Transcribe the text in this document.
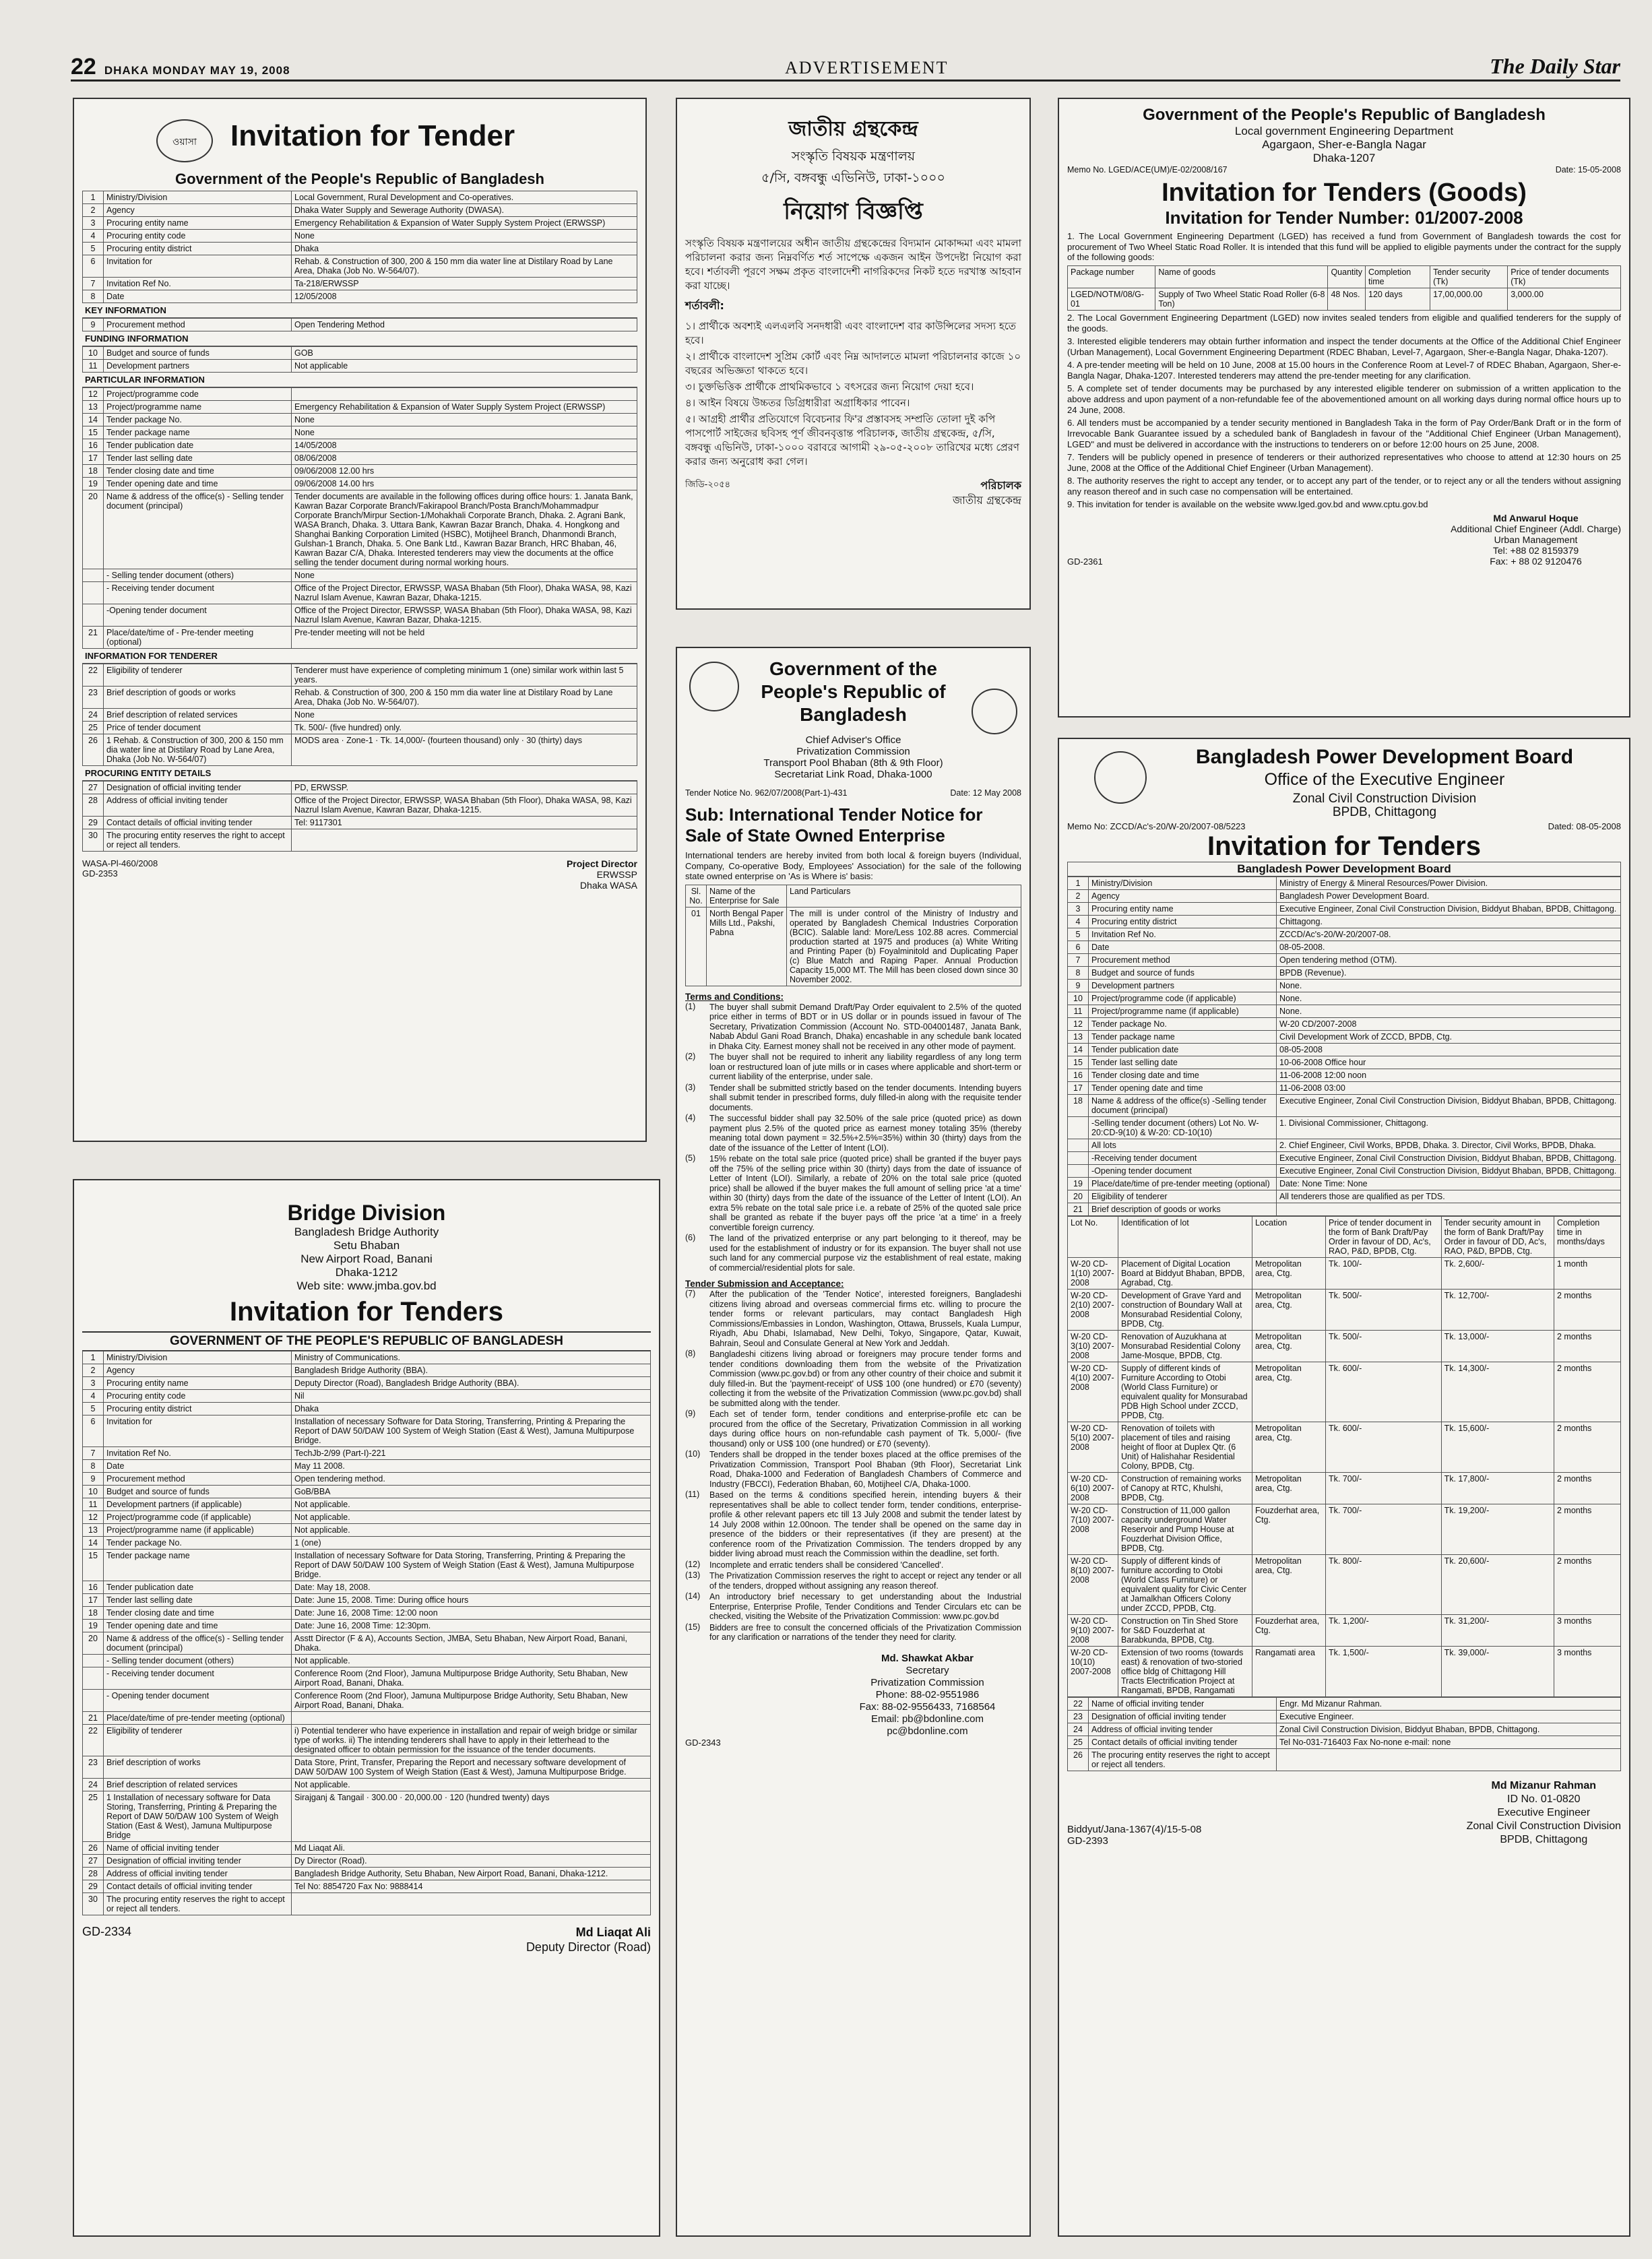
22 DHAKA MONDAY MAY 19, 2008	ADVERTISEMENT	The Daily Star
ওয়াসা	Invitation for Tender
Government of the People's Republic of Bangladesh
1	Ministry/Division	Local Government, Rural Development and Co-operatives.
2	Agency	Dhaka Water Supply and Sewerage Authority (DWASA).
3	Procuring entity name	Emergency Rehabilitation & Expansion of Water Supply System Project (ERWSSP)
4	Procuring entity code	None
5	Procuring entity district	Dhaka
6	Invitation for	Rehab. & Construction of 300, 200 & 150 mm dia water line at Distilary Road by Lane Area, Dhaka (Job No. W-564/07).
7	Invitation Ref No.	Ta-218/ERWSSP
8	Date	12/05/2008
KEY INFORMATION
9	Procurement method	Open Tendering Method
FUNDING INFORMATION
10	Budget and source of funds	GOB
11	Development partners	Not applicable
PARTICULAR INFORMATION
12	Project/programme code	
13	Project/programme name	Emergency Rehabilitation & Expansion of Water Supply System Project (ERWSSP)
14	Tender package No.	None
15	Tender package name	None
16	Tender publication date	14/05/2008
17	Tender last selling date	08/06/2008
18	Tender closing date and time	09/06/2008 12.00 hrs
19	Tender opening date and time	09/06/2008 14.00 hrs
20	Name & address of the office(s) - Selling tender document (principal)	Tender documents are available in the following offices during office hours: 1. Janata Bank, Kawran Bazar Corporate Branch/Fakirapool Branch/Posta Branch/Mohammadpur Corporate Branch/Mirpur Section-1/Mohakhali Corporate Branch, Dhaka. 2. Agrani Bank, WASA Branch, Dhaka. 3. Uttara Bank, Kawran Bazar Branch, Dhaka. 4. Hongkong and Shanghai Banking Corporation Limited (HSBC), Motijheel Branch, Dhanmondi Branch, Gulshan-1 Branch, Dhaka. 5. One Bank Ltd., Kawran Bazar Branch, HRC Bhaban, 46, Kawran Bazar C/A, Dhaka. Interested tenderers may view the documents at the office selling the tender document during normal working hours.
	- Selling tender document (others)	None
	- Receiving tender document	Office of the Project Director, ERWSSP, WASA Bhaban (5th Floor), Dhaka WASA, 98, Kazi Nazrul Islam Avenue, Kawran Bazar, Dhaka-1215.
	-Opening tender document	Office of the Project Director, ERWSSP, WASA Bhaban (5th Floor), Dhaka WASA, 98, Kazi Nazrul Islam Avenue, Kawran Bazar, Dhaka-1215.
21	Place/date/time of - Pre-tender meeting (optional)	Pre-tender meeting will not be held
INFORMATION FOR TENDERER
22	Eligibility of tenderer	Tenderer must have experience of completing minimum 1 (one) similar work within last 5 years.
23	Brief description of goods or works	Rehab. & Construction of 300, 200 & 150 mm dia water line at Distilary Road by Lane Area, Dhaka (Job No. W-564/07).
24	Brief description of related services	None
25	Price of tender document	Tk. 500/- (five hundred) only.
26	1 Rehab. & Construction of 300, 200 & 150 mm dia water line at Distilary Road by Lane Area, Dhaka (Job No. W-564/07)	MODS area · Zone-1 · Tk. 14,000/- (fourteen thousand) only · 30 (thirty) days
PROCURING ENTITY DETAILS
27	Designation of official inviting tender	PD, ERWSSP.
28	Address of official inviting tender	Office of the Project Director, ERWSSP, WASA Bhaban (5th Floor), Dhaka WASA, 98, Kazi Nazrul Islam Avenue, Kawran Bazar, Dhaka-1215.
29	Contact details of official inviting tender	Tel: 9117301
30	The procuring entity reserves the right to accept or reject all tenders.	
WASA-Pl-460/2008
GD-2353
Project Director
ERWSSP
Dhaka WASA
Bridge Division
Bangladesh Bridge Authority
Setu Bhaban
New Airport Road, Banani
Dhaka-1212
Web site: www.jmba.gov.bd
Invitation for Tenders
GOVERNMENT OF THE PEOPLE'S REPUBLIC OF BANGLADESH
1	Ministry/Division	Ministry of Communications.
2	Agency	Bangladesh Bridge Authority (BBA).
3	Procuring entity name	Deputy Director (Road), Bangladesh Bridge Authority (BBA).
4	Procuring entity code	Nil
5	Procuring entity district	Dhaka
6	Invitation for	Installation of necessary Software for Data Storing, Transferring, Printing & Preparing the Report of DAW 50/DAW 100 System of Weigh Station (East & West), Jamuna Multipurpose Bridge.
7	Invitation Ref No.	TechJb-2/99 (Part-I)-221
8	Date	May 11 2008.
9	Procurement method	Open tendering method.
10	Budget and source of funds	GoB/BBA
11	Development partners (if applicable)	Not applicable.
12	Project/programme code (if applicable)	Not applicable.
13	Project/programme name (if applicable)	Not applicable.
14	Tender package No.	1 (one)
15	Tender package name	Installation of necessary Software for Data Storing, Transferring, Printing & Preparing the Report of DAW 50/DAW 100 System of Weigh Station (East & West), Jamuna Multipurpose Bridge.
16	Tender publication date	Date: May 18, 2008.
17	Tender last selling date	Date: June 15, 2008. Time: During office hours
18	Tender closing date and time	Date: June 16, 2008 Time: 12:00 noon
19	Tender opening date and time	Date: June 16, 2008 Time: 12:30pm.
20	Name & address of the office(s) - Selling tender document (principal)	Asstt Director (F & A), Accounts Section, JMBA, Setu Bhaban, New Airport Road, Banani, Dhaka.
	- Selling tender document (others)	Not applicable.
	- Receiving tender document	Conference Room (2nd Floor), Jamuna Multipurpose Bridge Authority, Setu Bhaban, New Airport Road, Banani, Dhaka.
	- Opening tender document	Conference Room (2nd Floor), Jamuna Multipurpose Bridge Authority, Setu Bhaban, New Airport Road, Banani, Dhaka.
21	Place/date/time of pre-tender meeting (optional)	
22	Eligibility of tenderer	i) Potential tenderer who have experience in installation and repair of weigh bridge or similar type of works. ii) The intending tenderers shall have to apply in their letterhead to the designated officer to obtain permission for the issuance of the tender documents.
23	Brief description of works	Data Store, Print, Transfer, Preparing the Report and necessary software development of DAW 50/DAW 100 System of Weigh Station (East & West), Jamuna Multipurpose Bridge.
24	Brief description of related services	Not applicable.
25	1 Installation of necessary software for Data Storing, Transferring, Printing & Preparing the Report of DAW 50/DAW 100 System of Weigh Station (East & West), Jamuna Multipurpose Bridge	Sirajganj & Tangail · 300.00 · 20,000.00 · 120 (hundred twenty) days
26	Name of official inviting tender	Md Liaqat Ali.
27	Designation of official inviting tender	Dy Director (Road).
28	Address of official inviting tender	Bangladesh Bridge Authority, Setu Bhaban, New Airport Road, Banani, Dhaka-1212.
29	Contact details of official inviting tender	Tel No: 8854720 Fax No: 9888414
30	The procuring entity reserves the right to accept or reject all tenders.	
GD-2334	Md Liaqat Ali
Deputy Director (Road)
জাতীয় গ্রন্থকেন্দ্র
সংস্কৃতি বিষয়ক মন্ত্রণালয়
৫/সি, বঙ্গবন্ধু এভিনিউ, ঢাকা-১০০০
নিয়োগ বিজ্ঞপ্তি
সংস্কৃতি বিষয়ক মন্ত্রণালয়ের অধীন জাতীয় গ্রন্থকেন্দ্রের বিদ্যমান মোকাদ্দমা এবং মামলা পরিচালনা করার জন্য নিম্নবর্ণিত শর্ত সাপেক্ষে একজন আইন উপদেষ্টা নিয়োগ করা হবে। শর্তাবলী পূরণে সক্ষম প্রকৃত বাংলাদেশী নাগরিকদের নিকট হতে দরখাস্ত আহবান করা যাচ্ছে।
শর্তাবলী:
১। প্রার্থীকে অবশ্যই এলএলবি সনদধারী এবং বাংলাদেশ বার কাউন্সিলের সদস্য হতে হবে।
২। প্রার্থীকে বাংলাদেশ সুপ্রিম কোর্ট এবং নিম্ন আদালতে মামলা পরিচালনার কাজে ১০ বছরের অভিজ্ঞতা থাকতে হবে।
৩। চুক্তভিত্তিক প্রার্থীকে প্রাথমিকভাবে ১ বৎসরের জন্য নিয়োগ দেয়া হবে।
৪। আইন বিষয়ে উচ্চতর ডিগ্রিধারীরা অগ্রাধিকার পাবেন।
৫। আগ্রহী প্রার্থীর প্রতিযোগে বিবেচনার ফি'র প্রস্তাবসহ সম্প্রতি তোলা দুই কপি পাসপোর্ট সাইজের ছবিসহ পূর্ণ জীবনবৃত্তান্ত পরিচালক, জাতীয় গ্রন্থকেন্দ্র, ৫/সি, বঙ্গবন্ধু এভিনিউ, ঢাকা-১০০০ বরাবরে আগামী ২৯-০৫-২০০৮ তারিখের মধ্যে প্রেরণ করার জন্য অনুরোধ করা গেল।
জিডি-২০৫৪	পরিচালক
জাতীয় গ্রন্থকেন্দ্র
Government of the People's Republic of Bangladesh
Chief Adviser's Office
Privatization Commission
Transport Pool Bhaban (8th & 9th Floor)
Secretariat Link Road, Dhaka-1000
Tender Notice No. 962/07/2008(Part-1)-431	Date: 12 May 2008
Sub: International Tender Notice for Sale of State Owned Enterprise
International tenders are hereby invited from both local & foreign buyers (Individual, Company, Co-operative Body, Employees' Association) for the sale of the following state owned enterprise on 'As is Where is' basis:
Sl. No.	Name of the Enterprise for Sale	Land Particulars
01	North Bengal Paper Mills Ltd., Pakshi, Pabna	The mill is under control of the Ministry of Industry and operated by Bangladesh Chemical Industries Corporation (BCIC). Salable land: More/Less 102.88 acres. Commercial production started at 1975 and produces (a) White Writing and Printing Paper (b) Foyalminitold and Duplicating Paper (c) Blue Match and Raping Paper. Annual Production Capacity 15,000 MT. The Mill has been closed down since 30 November 2002.
Terms and Conditions:
(1)	The buyer shall submit Demand Draft/Pay Order equivalent to 2.5% of the quoted price either in terms of BDT or in US dollar or in pounds issued in favour of The Secretary, Privatization Commission (Account No. STD-004001487, Janata Bank, Nabab Abdul Gani Road Branch, Dhaka) encashable in any schedule bank located in Dhaka City. Earnest money shall not be received in any other mode of payment.
(2)	The buyer shall not be required to inherit any liability regardless of any long term loan or restructured loan of jute mills or in cases where applicable and short-term or current liability of the enterprise, under sale.
(3)	Tender shall be submitted strictly based on the tender documents. Intending buyers shall submit tender in prescribed forms, duly filled-in along with the requisite tender documents.
(4)	The successful bidder shall pay 32.50% of the sale price (quoted price) as down payment plus 2.5% of the quoted price as earnest money totaling 35% (thereby meaning total down payment = 32.5%+2.5%=35%) within 30 (thirty) days from the date of the issuance of the Letter of Intent (LOI).
(5)	15% rebate on the total sale price (quoted price) shall be granted if the buyer pays off the 75% of the selling price within 30 (thirty) days from the date of issuance of Letter of Intent (LOI). Similarly, a rebate of 20% on the total sale price (quoted price) shall be allowed if the buyer makes the full amount of selling price 'at a time' within 30 (thirty) days from the date of the issuance of the Letter of Intent (LOI). An extra 5% rebate on the total sale price i.e. a rebate of 25% of the quoted sale price shall be granted as rebate if the buyer pays off the price 'at a time' in a freely convertible foreign currency.
(6)	The land of the privatized enterprise or any part belonging to it thereof, may be used for the establishment of industry or for its expansion. The buyer shall not use such land for any commercial purpose viz the establishment of real estate, making of commercial/residential plots for sale.
Tender Submission and Acceptance:
(7)	After the publication of the 'Tender Notice', interested foreigners, Bangladeshi citizens living abroad and overseas commercial firms etc. willing to procure the tender forms or relevant particulars, may contact Bangladesh High Commissions/Embassies in London, Washington, Ottawa, Brussels, Kuala Lumpur, Riyadh, Abu Dhabi, Islamabad, New Delhi, Tokyo, Singapore, Qatar, Kuwait, Bahrain, Seoul and Consulate General at New York and Jeddah.
(8)	Bangladeshi citizens living abroad or foreigners may procure tender forms and tender conditions downloading them from the website of the Privatization Commission (www.pc.gov.bd) or from any other country of their choice and submit it duly filled-in. But the 'payment-receipt' of US$ 100 (one hundred) or £70 (seventy) collecting it from the website of the Privatization Commission (www.pc.gov.bd) shall be submitted along with the tender.
(9)	Each set of tender form, tender conditions and enterprise-profile etc can be procured from the office of the Secretary, Privatization Commission in all working days during office hours on non-refundable cash payment of Tk. 5,000/- (five thousand) only or US$ 100 (one hundred) or £70 (seventy).
(10)	Tenders shall be dropped in the tender boxes placed at the office premises of the Privatization Commission, Transport Pool Bhaban (9th Floor), Secretariat Link Road, Dhaka-1000 and Federation of Bangladesh Chambers of Commerce and Industry (FBCCI), Federation Bhaban, 60, Motijheel C/A, Dhaka-1000.
(11)	Based on the terms & conditions specified herein, intending buyers & their representatives shall be able to collect tender form, tender conditions, enterprise-profile & other relevant papers etc till 13 July 2008 and submit the tender latest by 14 July 2008 within 12.00noon. The tender shall be opened on the same day in presence of the bidders or their representatives (if they are present) at the conference room of the Privatization Commission. The tenders dropped by any bidder living abroad must reach the Commission within the deadline, set forth.
(12)	Incomplete and erratic tenders shall be considered 'Cancelled'.
(13)	The Privatization Commission reserves the right to accept or reject any tender or all of the tenders, dropped without assigning any reason thereof.
(14)	An introductory brief necessary to get understanding about the Industrial Enterprise, Enterprise Profile, Tender Conditions and Tender Circulars etc can be checked, visiting the Website of the Privatization Commission: www.pc.gov.bd
(15)	Bidders are free to consult the concerned officials of the Privatization Commission for any clarification or narrations of the tender they need for clarity.
Md. Shawkat Akbar
Secretary
Privatization Commission
Phone: 88-02-9551986
Fax: 88-02-9556433, 7168564
Email: pb@bdonline.com
pc@bdonline.com
GD-2343
Government of the People's Republic of Bangladesh
Local government Engineering Department
Agargaon, Sher-e-Bangla Nagar
Dhaka-1207
Memo No. LGED/ACE(UM)/E-02/2008/167	Date: 15-05-2008
Invitation for Tenders (Goods)
Invitation for Tender Number: 01/2007-2008
1. The Local Government Engineering Department (LGED) has received a fund from Government of Bangladesh towards the cost for procurement of Two Wheel Static Road Roller. It is intended that this fund will be applied to eligible payments under the contract for the supply of the following goods:
Package number	Name of goods	Quantity	Completion time	Tender security (Tk)	Price of tender documents (Tk)
LGED/NOTM/08/G-01	Supply of Two Wheel Static Road Roller (6-8 Ton)	48 Nos.	120 days	17,00,000.00	3,000.00
2. The Local Government Engineering Department (LGED) now invites sealed tenders from eligible and qualified tenderers for the supply of the goods.
3. Interested eligible tenderers may obtain further information and inspect the tender documents at the Office of the Additional Chief Engineer (Urban Management), Local Government Engineering Department (RDEC Bhaban, Level-7, Agargaon, Sher-e-Bangla Nagar, Dhaka-1207).
4. A pre-tender meeting will be held on 10 June, 2008 at 15.00 hours in the Conference Room at Level-7 of RDEC Bhaban, Agargaon, Sher-e-Bangla Nagar, Dhaka-1207. Interested tenderers may attend the pre-tender meeting for any clarification.
5. A complete set of tender documents may be purchased by any interested eligible tenderer on submission of a written application to the above address and upon payment of a non-refundable fee of the abovementioned amount on all working days during normal office hours up to 24 June, 2008.
6. All tenders must be accompanied by a tender security mentioned in Bangladesh Taka in the form of Pay Order/Bank Draft or in the form of Irrevocable Bank Guarantee issued by a scheduled bank of Bangladesh in favour of the "Additional Chief Engineer (Urban Management), LGED" and must be delivered in accordance with the instructions to tenderers on or before 12:00 hours on 25 June, 2008.
7. Tenders will be publicly opened in presence of tenderers or their authorized representatives who choose to attend at 12:30 hours on 25 June, 2008 at the Office of the Additional Chief Engineer (Urban Management).
8. The authority reserves the right to accept any tender, or to accept any part of the tender, or to reject any or all the tenders without assigning any reason thereof and in such case no compensation will be entertained.
9. This invitation for tender is available on the website www.lged.gov.bd and www.cptu.gov.bd
GD-2361
Md Anwarul Hoque
Additional Chief Engineer (Addl. Charge)
Urban Management
Tel: +88 02 8159379
Fax: + 88 02 9120476
Bangladesh Power Development Board
Office of the Executive Engineer
Zonal Civil Construction Division
BPDB, Chittagong
Memo No: ZCCD/Ac's-20/W-20/2007-08/5223	Dated: 08-05-2008
Invitation for Tenders
Bangladesh Power Development Board
1	Ministry/Division	Ministry of Energy & Mineral Resources/Power Division.
2	Agency	Bangladesh Power Development Board.
3	Procuring entity name	Executive Engineer, Zonal Civil Construction Division, Biddyut Bhaban, BPDB, Chittagong.
4	Procuring entity district	Chittagong.
5	Invitation Ref No.	ZCCD/Ac's-20/W-20/2007-08.
6	Date	08-05-2008.
7	Procurement method	Open tendering method (OTM).
8	Budget and source of funds	BPDB (Revenue).
9	Development partners	None.
10	Project/programme code (if applicable)	None.
11	Project/programme name (if applicable)	None.
12	Tender package No.	W-20 CD/2007-2008
13	Tender package name	Civil Development Work of ZCCD, BPDB, Ctg.
14	Tender publication date	08-05-2008
15	Tender last selling date	10-06-2008 Office hour
16	Tender closing date and time	11-06-2008 12:00 noon
17	Tender opening date and time	11-06-2008 03:00
18	Name & address of the office(s) -Selling tender document (principal)	Executive Engineer, Zonal Civil Construction Division, Biddyut Bhaban, BPDB, Chittagong.
	-Selling tender document (others) Lot No. W-20:CD-9(10) & W-20: CD-10(10)	1. Divisional Commissioner, Chittagong.
	All lots	2. Chief Engineer, Civil Works, BPDB, Dhaka. 3. Director, Civil Works, BPDB, Dhaka.
	-Receiving tender document	Executive Engineer, Zonal Civil Construction Division, Biddyut Bhaban, BPDB, Chittagong.
	-Opening tender document	Executive Engineer, Zonal Civil Construction Division, Biddyut Bhaban, BPDB, Chittagong.
19	Place/date/time of pre-tender meeting (optional)	Date: None Time: None
20	Eligibility of tenderer	All tenderers those are qualified as per TDS.
21	Brief description of goods or works	
Lot No.	Identification of lot	Location	Price of tender document in the form of Bank Draft/Pay Order in favour of DD, Ac's, RAO, P&D, BPDB, Ctg.	Tender security amount in the form of Bank Draft/Pay Order in favour of DD, Ac's, RAO, P&D, BPDB, Ctg.	Completion time in months/days
W-20 CD-1(10) 2007-2008	Placement of Digital Location Board at Biddyut Bhaban, BPDB, Agrabad, Ctg.	Metropolitan area, Ctg.	Tk. 100/-	Tk. 2,600/-	1 month
W-20 CD-2(10) 2007-2008	Development of Grave Yard and construction of Boundary Wall at Monsurabad Residential Colony, BPDB, Ctg.	Metropolitan area, Ctg.	Tk. 500/-	Tk. 12,700/-	2 months
W-20 CD-3(10) 2007-2008	Renovation of Auzukhana at Monsurabad Residential Colony Jame-Mosque, BPDB, Ctg.	Metropolitan area, Ctg.	Tk. 500/-	Tk. 13,000/-	2 months
W-20 CD-4(10) 2007-2008	Supply of different kinds of Furniture According to Otobi (World Class Furniture) or equivalent quality for Monsurabad PDB High School under ZCCD, PPDB, Ctg.	Metropolitan area, Ctg.	Tk. 600/-	Tk. 14,300/-	2 months
W-20 CD-5(10) 2007-2008	Renovation of toilets with placement of tiles and raising height of floor at Duplex Qtr. (6 Unit) of Halishahar Residential Colony, BPDB, Ctg.	Metropolitan area, Ctg.	Tk. 600/-	Tk. 15,600/-	2 months
W-20 CD-6(10) 2007-2008	Construction of remaining works of Canopy at RTC, Khulshi, BPDB, Ctg.	Metropolitan area, Ctg.	Tk. 700/-	Tk. 17,800/-	2 months
W-20 CD-7(10) 2007-2008	Construction of 11,000 gallon capacity underground Water Reservoir and Pump House at Fouzderhat Division Office, BPDB, Ctg.	Fouzderhat area, Ctg.	Tk. 700/-	Tk. 19,200/-	2 months
W-20 CD-8(10) 2007-2008	Supply of different kinds of furniture according to Otobi (World Class Furniture) or equivalent quality for Civic Center at Jamalkhan Officers Colony under ZCCD, PPDB, Ctg.	Metropolitan area, Ctg.	Tk. 800/-	Tk. 20,600/-	2 months
W-20 CD-9(10) 2007-2008	Construction on Tin Shed Store for S&D Fouzderhat at Barabkunda, BPDB, Ctg.	Fouzderhat area, Ctg.	Tk. 1,200/-	Tk. 31,200/-	3 months
W-20 CD-10(10) 2007-2008	Extension of two rooms (towards east) & renovation of two-storied office bldg of Chittagong Hill Tracts Electrification Project at Rangamati, BPDB, Rangamati	Rangamati area	Tk. 1,500/-	Tk. 39,000/-	3 months
22	Name of official inviting tender	Engr. Md Mizanur Rahman.
23	Designation of official inviting tender	Executive Engineer.
24	Address of official inviting tender	Zonal Civil Construction Division, Biddyut Bhaban, BPDB, Chittagong.
25	Contact details of official inviting tender	Tel No-031-716403 Fax No-none e-mail: none
26	The procuring entity reserves the right to accept or reject all tenders.	
Biddyut/Jana-1367(4)/15-5-08
GD-2393
Md Mizanur Rahman
ID No. 01-0820
Executive Engineer
Zonal Civil Construction Division
BPDB, Chittagong
